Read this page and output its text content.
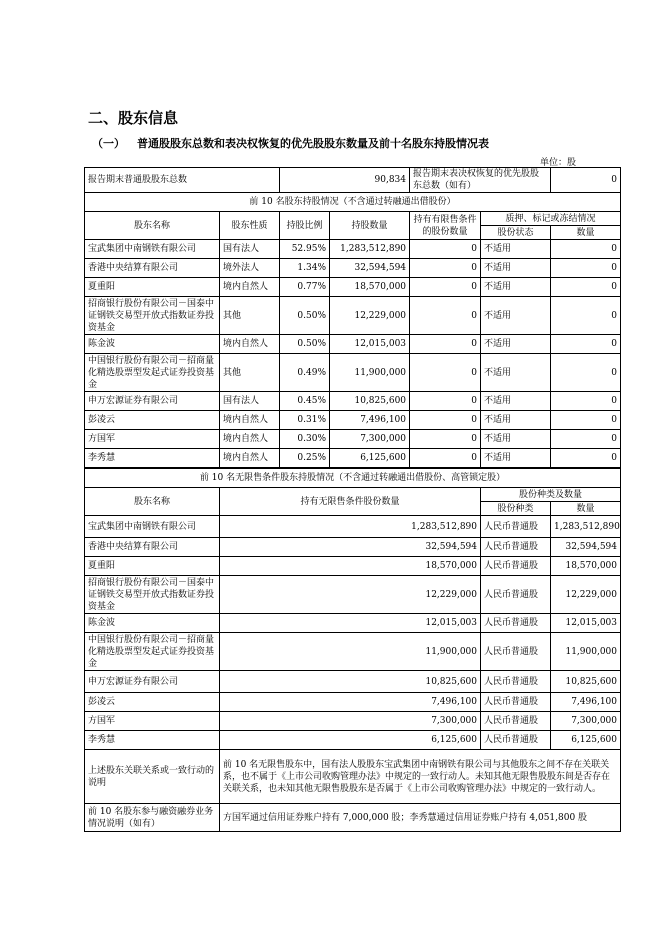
二、股东信息
（一） 普通股股东总数和表决权恢复的优先股股东数量及前十名股东持股情况表
单位：股
报告期末普通股股东总数		90,834		报告期末表决权恢复的优先股股东总数（如有）		0
前 10 名股东持股情况（不含通过转融通出借股份）						
股东名称	股东性质	持股比例	持股数量	持有有限售条件的股份数量	质押、标记或冻结情况	
					股份状态	数量
宝武集团中南钢铁有限公司	国有法人	52.95%	1,283,512,890	0	不适用	0
香港中央结算有限公司	境外法人	1.34%	32,594,594	0	不适用	0
夏重阳	境内自然人	0.77%	18,570,000	0	不适用	0
招商银行股份有限公司－国泰中证钢铁交易型开放式指数证券投资基金	其他	0.50%	12,229,000	0	不适用	0
陈金波	境内自然人	0.50%	12,015,003	0	不适用	0
中国银行股份有限公司－招商量化精选股票型发起式证券投资基金	其他	0.49%	11,900,000	0	不适用	0
申万宏源证券有限公司	国有法人	0.45%	10,825,600	0	不适用	0
彭凌云	境内自然人	0.31%	7,496,100	0	不适用	0
方国军	境内自然人	0.30%	7,300,000	0	不适用	0
李秀慧	境内自然人	0.25%	6,125,600	0	不适用	0
前 10 名无限售条件股东持股情况（不含通过转融通出借股份、高管锁定股）			
股东名称	持有无限售条件股份数量	股份种类及数量	
		股份种类	数量
宝武集团中南钢铁有限公司	1,283,512,890	人民币普通股	1,283,512,890
香港中央结算有限公司	32,594,594	人民币普通股	32,594,594
夏重阳	18,570,000	人民币普通股	18,570,000
招商银行股份有限公司－国泰中证钢铁交易型开放式指数证券投资基金	12,229,000	人民币普通股	12,229,000
陈金波	12,015,003	人民币普通股	12,015,003
中国银行股份有限公司－招商量化精选股票型发起式证券投资基金	11,900,000	人民币普通股	11,900,000
申万宏源证券有限公司	10,825,600	人民币普通股	10,825,600
彭凌云	7,496,100	人民币普通股	7,496,100
方国军	7,300,000	人民币普通股	7,300,000
李秀慧	6,125,600	人民币普通股	6,125,600
上述股东关联关系或一致行动的说明	前 10 名无限售股东中，国有法人股股东宝武集团中南钢铁有限公司与其他股东之间不存在关联关系，也不属于《上市公司收购管理办法》中规定的一致行动人。未知其他无限售股股东间是否存在关联关系，也未知其他无限售股股东是否属于《上市公司收购管理办法》中规定的一致行动人。		
前 10 名股东参与融资融券业务情况说明（如有）	方国军通过信用证券账户持有 7,000,000 股；李秀慧通过信用证券账户持有 4,051,800 股		
